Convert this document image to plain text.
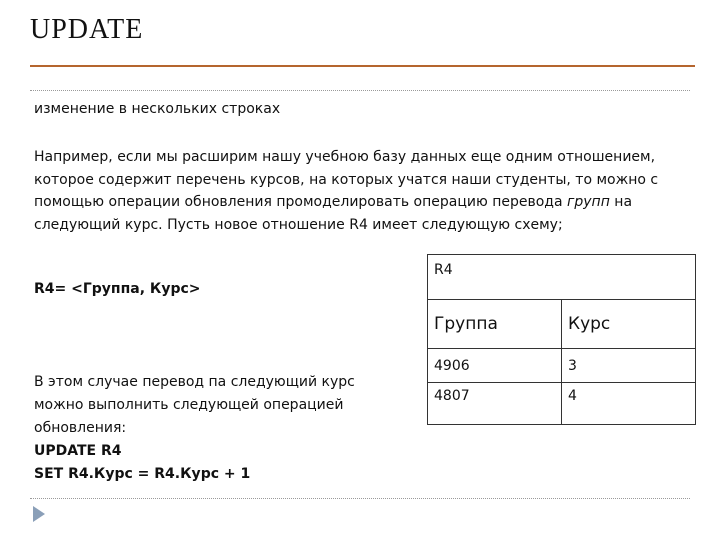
UPDATE
изменение в нескольких строках
Например, если мы расширим нашу учебною базу данных еще одним отношением, которое содержит перечень курсов, на которых учатся наши студенты, то можно с помощью операции обновления промоделировать операцию перевода групп на следующий курс. Пусть новое отношение R4 имеет следующую схему;
R4= <Группа, Курс>
R4	
Группа	Курс
4906	3
4807	4
В этом случае перевод па следующий курс можно выполнить следующей операцией обновления:
UPDATE R4
SET R4.Курс = R4.Курс + 1
